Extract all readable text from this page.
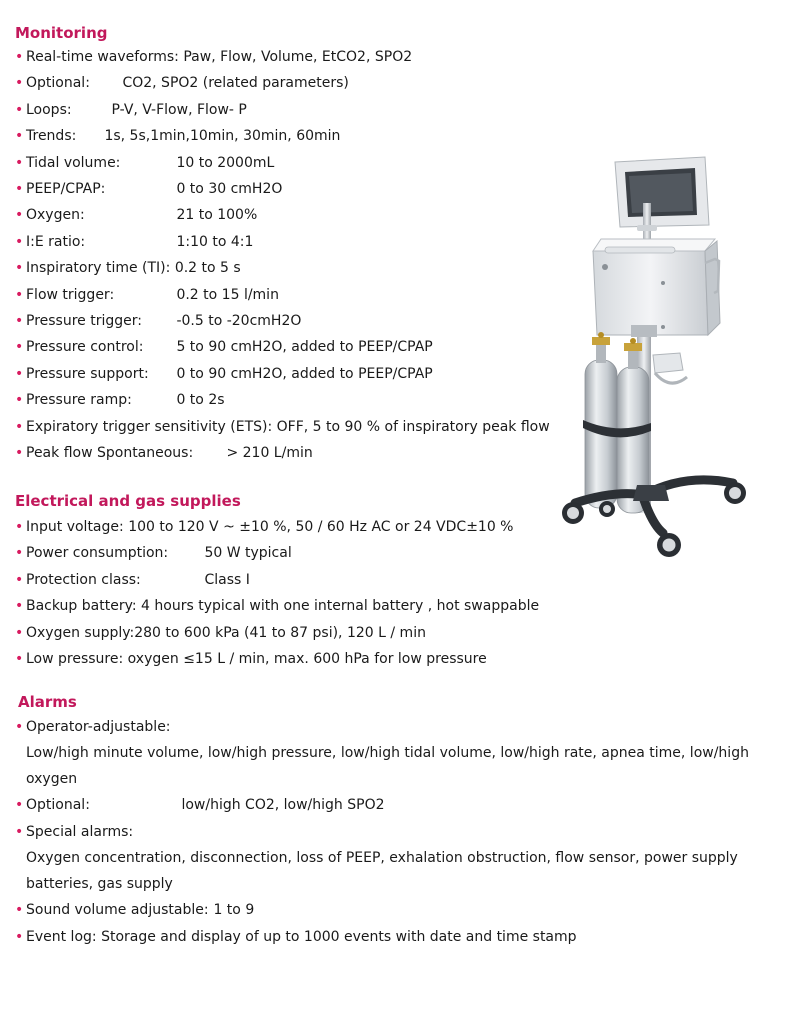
Monitoring
• Real-time waveforms: Paw, Flow, Volume, EtCO2, SPO2
• Optional: CO2, SPO2 (related parameters)
• Loops:	P-V, V-Flow, Flow- P
• Trends: 1s, 5s,1min,10min, 30min, 60min
• Tidal volume:	10 to 2000mL
• PEEP/CPAP:	0 to 30 cmH2O
• Oxygen:	21 to 100%
• I:E ratio:	1:10 to 4:1
• Inspiratory time (TI): 0.2 to 5 s
• Flow trigger:	0.2 to 15 l/min
• Pressure trigger: -0.5 to -20cmH2O
• Pressure control: 5 to 90 cmH2O, added to PEEP/CPAP
• Pressure support: 0 to 90 cmH2O, added to PEEP/CPAP
• Pressure ramp:	0 to 2s
• Expiratory trigger sensitivity (ETS): OFF, 5 to 90 % of inspiratory peak flow
• Peak flow Spontaneous: > 210 L/min
Electrical and gas supplies
• Input voltage: 100 to 120 V ~ ±10 %, 50 / 60 Hz AC or 24 VDC±10 %
• Power consumption:	50 W typical
• Protection class:	Class I
• Backup battery: 4 hours typical with one internal battery , hot swappable
• Oxygen supply:280 to 600 kPa (41 to 87 psi), 120 L / min
• Low pressure: oxygen ≤15 L / min, max. 600 hPa for low pressure
Alarms
• Operator-adjustable:
Low/high minute volume, low/high pressure, low/high tidal volume, low/high rate, apnea time, low/high oxygen
• Optional:	low/high CO2, low/high SPO2
• Special alarms:
Oxygen concentration, disconnection, loss of PEEP, exhalation obstruction, flow sensor, power supply batteries, gas supply
• Sound volume adjustable: 1 to 9
• Event log: Storage and display of up to 1000 events with date and time stamp
